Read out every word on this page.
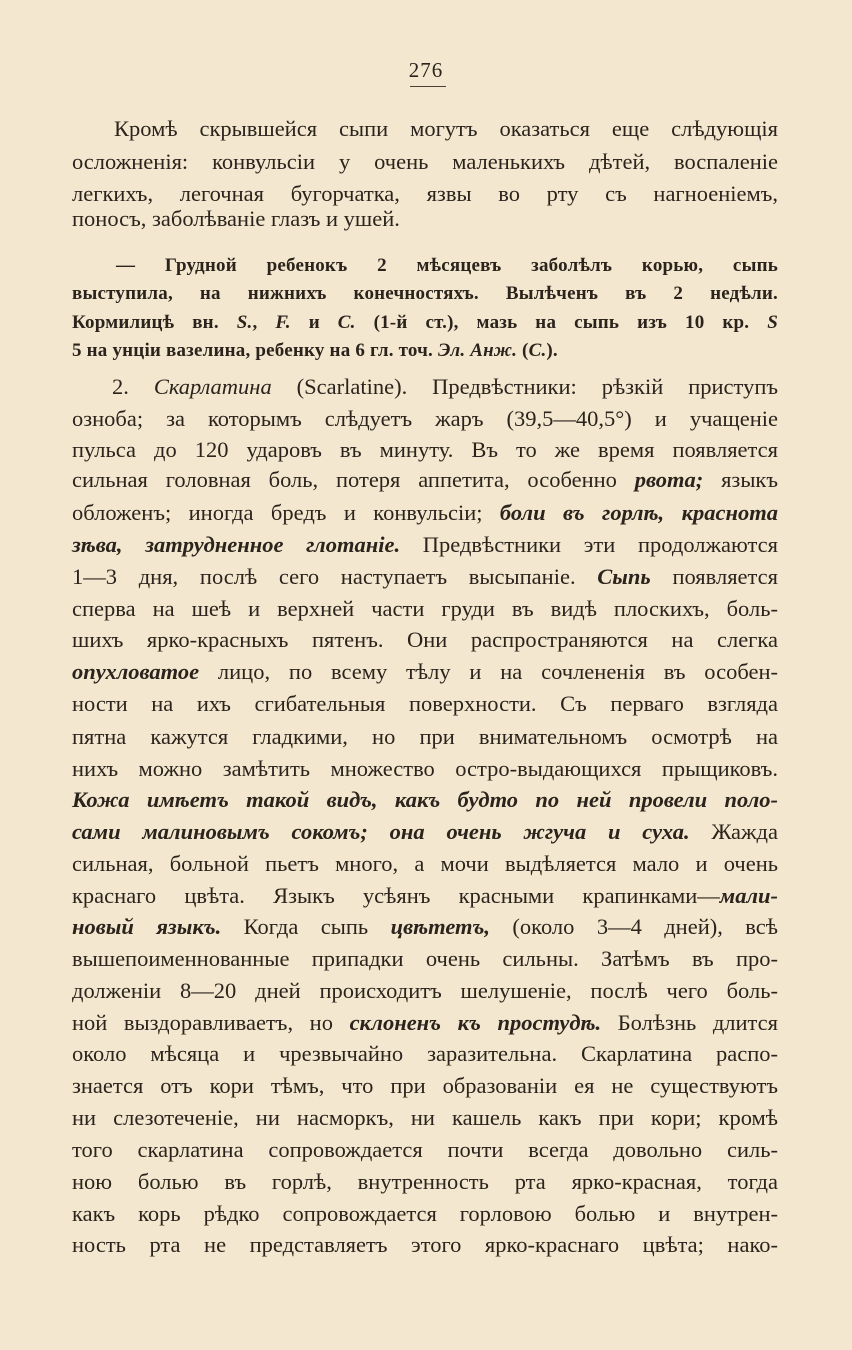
276
Кромѣ скрывшейся сыпи могутъ оказаться еще слѣдующія
осложненія: конвульсіи у очень маленькихъ дѣтей, воспаленіе
легкихъ, легочная бугорчатка, язвы во рту съ нагноеніемъ,
поносъ, заболѣваніе глазъ и ушей.
— Грудной ребенокъ 2 мѣсяцевъ заболѣлъ корью, сыпь
выступила, на нижнихъ конечностяхъ. Вылѣченъ въ 2 недѣли.
Кормилицѣ вн. S., F. и C. (1-й ст.), мазь на сыпь изъ 10 кр. S
5 на унціи вазелина, ребенку на 6 гл. точ. Эл. Анж. (C.).
2. Скарлатина (Scarlatine). Предвѣстники: рѣзкій приступъ
озноба; за которымъ слѣдуетъ жаръ (39,5—40,5°) и учащеніе
пульса до 120 ударовъ въ минуту. Въ то же время появляется
сильная головная боль, потеря аппетита, особенно рвота; языкъ
обложенъ; иногда бредъ и конвульсіи; боли въ горлѣ, краснота
зѣва, затрудненное глотаніе. Предвѣстники эти продолжаются
1—3 дня, послѣ сего наступаетъ высыпаніе. Сыпь появляется
сперва на шеѣ и верхней части груди въ видѣ плоскихъ, боль-
шихъ ярко-красныхъ пятенъ. Они распространяются на слегка
опухловатое лицо, по всему тѣлу и на сочлененія въ особен-
ности на ихъ сгибательныя поверхности. Съ перваго взгляда
пятна кажутся гладкими, но при внимательномъ осмотрѣ на
нихъ можно замѣтить множество остро-выдающихся прыщиковъ.
Кожа имѣетъ такой видъ, какъ будто по ней провели поло-
сами малиновымъ сокомъ; она очень жгуча и суха. Жажда
сильная, больной пьетъ много, а мочи выдѣляется мало и очень
краснаго цвѣта. Языкъ усѣянъ красными крапинками—мали-
новый языкъ. Когда сыпь цвѣтетъ, (около 3—4 дней), всѣ
вышепоименнованные припадки очень сильны. Затѣмъ въ про-
долженіи 8—20 дней происходитъ шелушеніе, послѣ чего боль-
ной выздоравливаетъ, но склоненъ къ простудѣ. Болѣзнь длится
около мѣсяца и чрезвычайно заразительна. Скарлатина распо-
знается отъ кори тѣмъ, что при образованіи ея не существуютъ
ни слезотеченіе, ни насморкъ, ни кашель какъ при кори; кромѣ
того скарлатина сопровождается почти всегда довольно силь-
ною болью въ горлѣ, внутренность рта ярко-красная, тогда
какъ корь рѣдко сопровождается горловою болью и внутрен-
ность рта не представляетъ этого ярко-краснаго цвѣта; нако-
